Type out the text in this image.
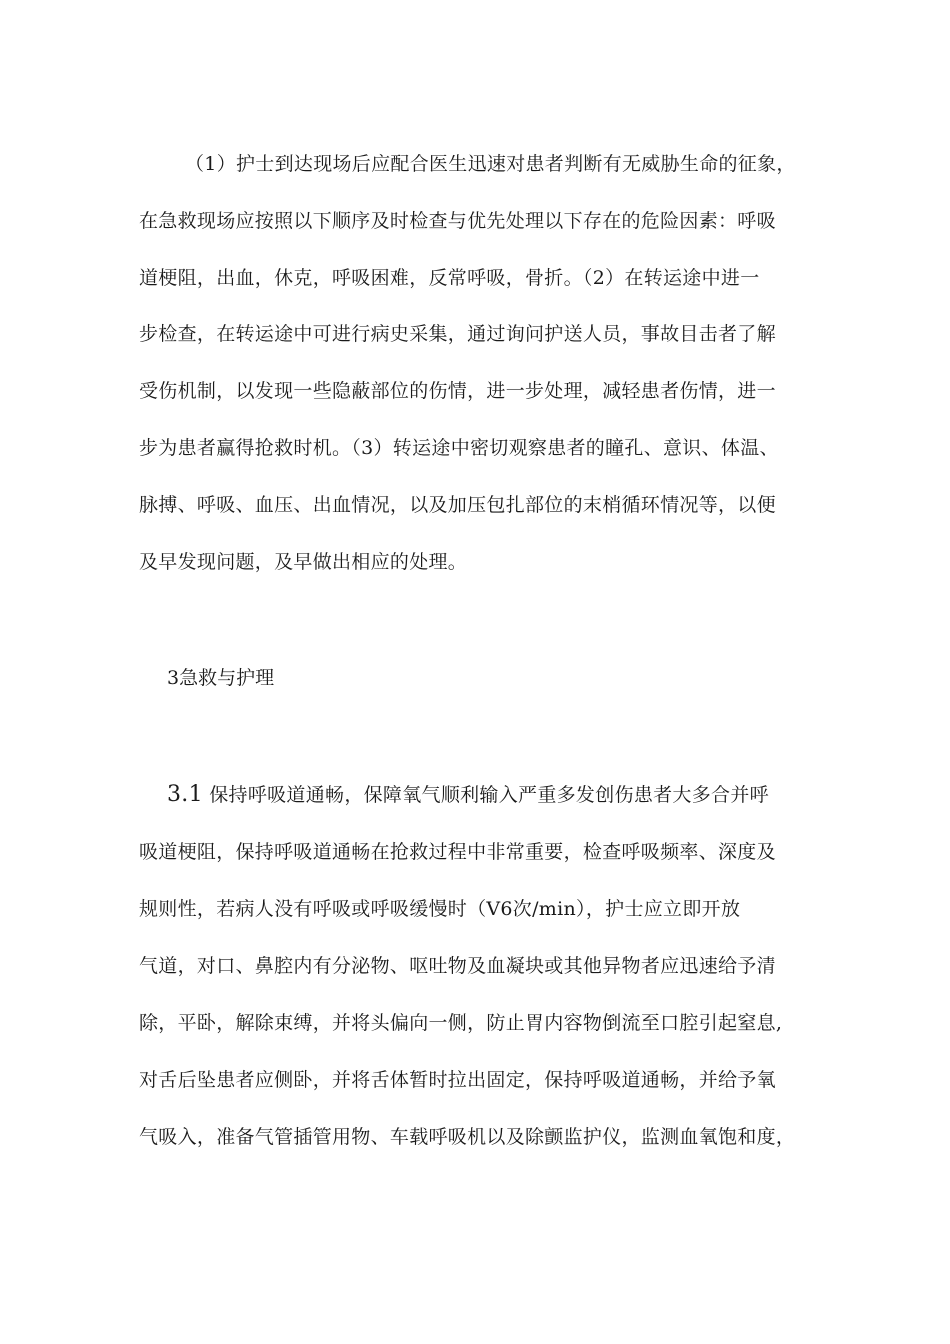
（1）护士到达现场后应配合医生迅速对患者判断有无威胁生命的征象，
在急救现场应按照以下顺序及时检查与优先处理以下存在的危险因素：呼吸
道梗阻，出血，休克，呼吸困难，反常呼吸，骨折。（2）在转运途中进一
步检查，在转运途中可进行病史采集，通过询问护送人员，事故目击者了解
受伤机制，以发现一些隐蔽部位的伤情，进一步处理，减轻患者伤情，进一
步为患者赢得抢救时机。（3）转运途中密切观察患者的瞳孔、意识、体温、
脉搏、呼吸、血压、出血情况，以及加压包扎部位的末梢循环情况等，以便
及早发现问题，及早做出相应的处理。
3急救与护理
3.1 保持呼吸道通畅，保障氧气顺利输入严重多发创伤患者大多合并呼
吸道梗阻，保持呼吸道通畅在抢救过程中非常重要，检查呼吸频率、深度及
规则性，若病人没有呼吸或呼吸缓慢时（V6次/min），护士应立即开放
气道，对口、鼻腔内有分泌物、呕吐物及血凝块或其他异物者应迅速给予清
除，平卧，解除束缚，并将头偏向一侧，防止胃内容物倒流至口腔引起窒息,
对舌后坠患者应侧卧，并将舌体暂时拉出固定，保持呼吸道通畅，并给予氧
气吸入，准备气管插管用物、车载呼吸机以及除颤监护仪，监测血氧饱和度，
